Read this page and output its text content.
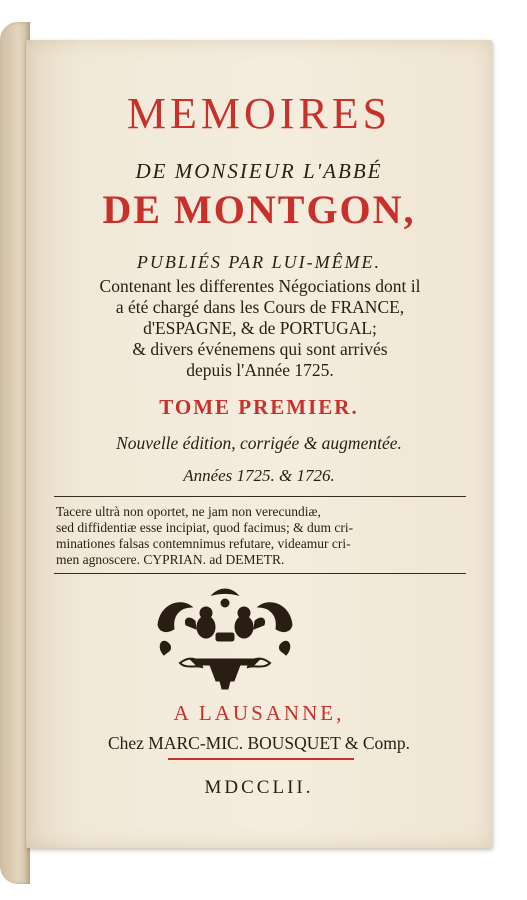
MEMOIRES
DE MONSIEUR L'ABBÉ
DE MONTGON,
PUBLIÉS PAR LUI-MÊME.
Contenant les differentes Négociations dont il
a été chargé dans les Cours de FRANCE,
d'ESPAGNE, & de PORTUGAL;
& divers événemens qui sont arrivés
depuis l'Année 1725.
TOME PREMIER.
Nouvelle édition, corrigée & augmentée.
Années 1725. & 1726.
Tacere ultrà non oportet, ne jam non verecundiæ,
sed diffidentiæ esse incipiat, quod facimus; & dum cri-
minationes falsas contemnimus refutare, videamur cri-
men agnoscere. CYPRIAN. ad DEMETR.
A LAUSANNE,
Chez MARC-MIC. BOUSQUET & Comp.
MDCCLII.
